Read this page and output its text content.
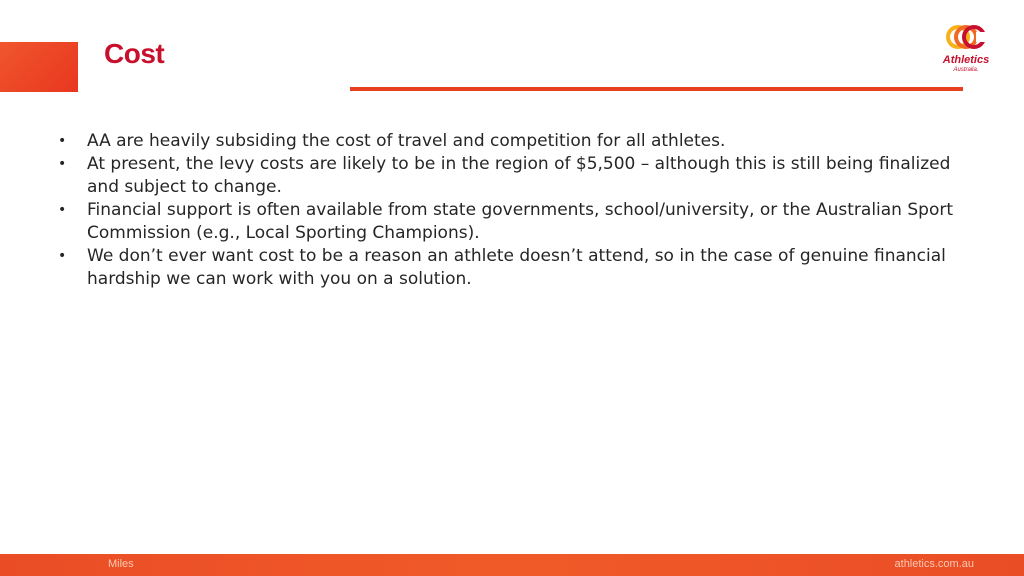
Cost	Athletics
Australia.
• AA are heavily subsiding the cost of travel and competition for all athletes.
• At present, the levy costs are likely to be in the region of $5,500 – although this is still being finalized and subject to change.
• Financial support is often available from state governments, school/university, or the Australian Sport Commission (e.g., Local Sporting Champions).
• We don’t ever want cost to be a reason an athlete doesn’t attend, so in the case of genuine financial hardship we can work with you on a solution.
Miles	athletics.com.au
